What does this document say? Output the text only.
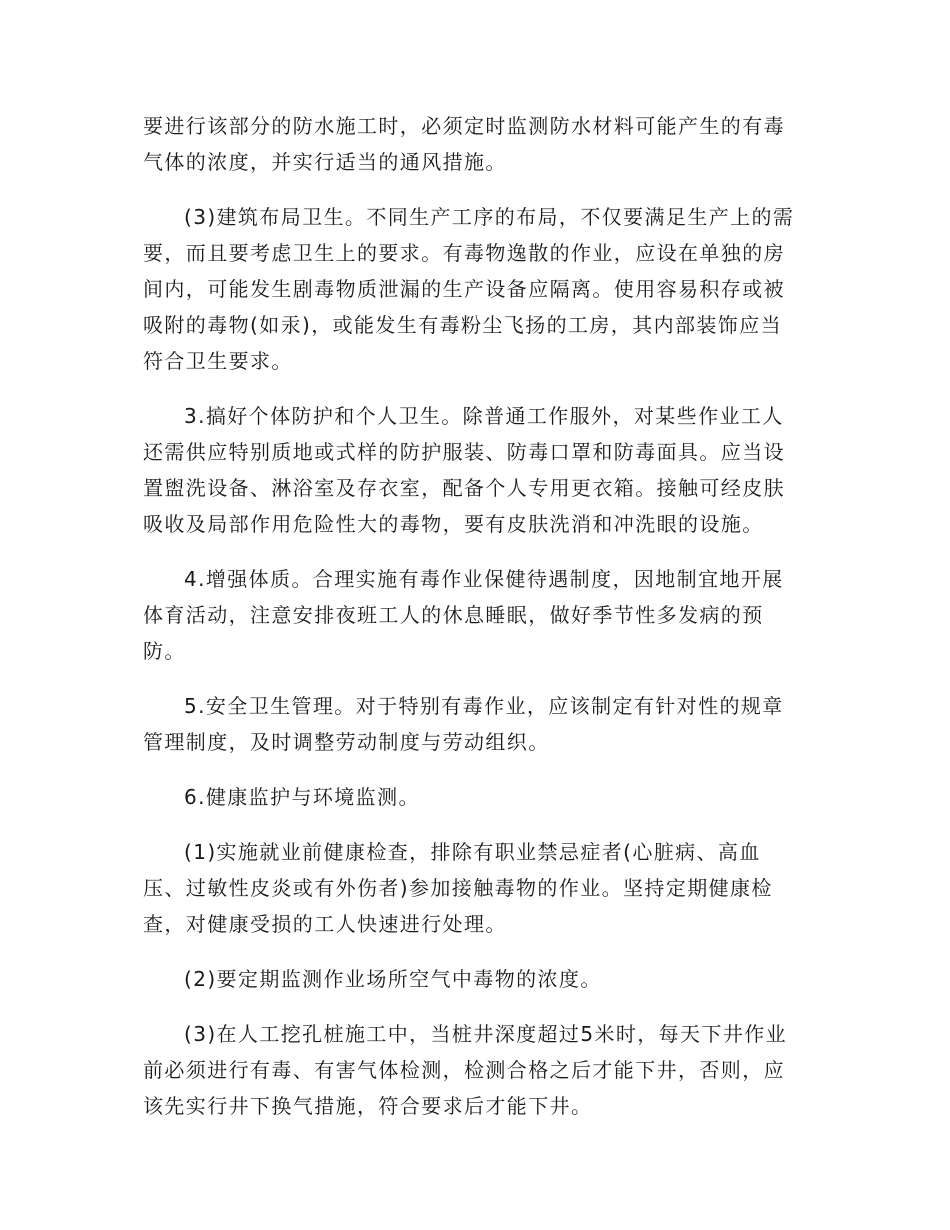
要进行该部分的防水施工时，必须定时监测防水材料可能产生的有毒
气体的浓度，并实行适当的通风措施。

(3)建筑布局卫生。不同生产工序的布局，不仅要满足生产上的需
要，而且要考虑卫生上的要求。有毒物逸散的作业，应设在单独的房
间内，可能发生剧毒物质泄漏的生产设备应隔离。使用容易积存或被
吸附的毒物(如汞)，或能发生有毒粉尘飞扬的工房，其内部装饰应当
符合卫生要求。

3.搞好个体防护和个人卫生。除普通工作服外，对某些作业工人
还需供应特别质地或式样的防护服装、防毒口罩和防毒面具。应当设
置盥洗设备、淋浴室及存衣室，配备个人专用更衣箱。接触可经皮肤
吸收及局部作用危险性大的毒物，要有皮肤洗消和冲洗眼的设施。

4.增强体质。合理实施有毒作业保健待遇制度，因地制宜地开展
体育活动，注意安排夜班工人的休息睡眠，做好季节性多发病的预
防。

5.安全卫生管理。对于特别有毒作业，应该制定有针对性的规章
管理制度，及时调整劳动制度与劳动组织。

6.健康监护与环境监测。

(1)实施就业前健康检查，排除有职业禁忌症者(心脏病、高血
压、过敏性皮炎或有外伤者)参加接触毒物的作业。坚持定期健康检
查，对健康受损的工人快速进行处理。

(2)要定期监测作业场所空气中毒物的浓度。

(3)在人工挖孔桩施工中，当桩井深度超过5米时，每天下井作业
前必须进行有毒、有害气体检测，检测合格之后才能下井，否则，应
该先实行井下换气措施，符合要求后才能下井。
